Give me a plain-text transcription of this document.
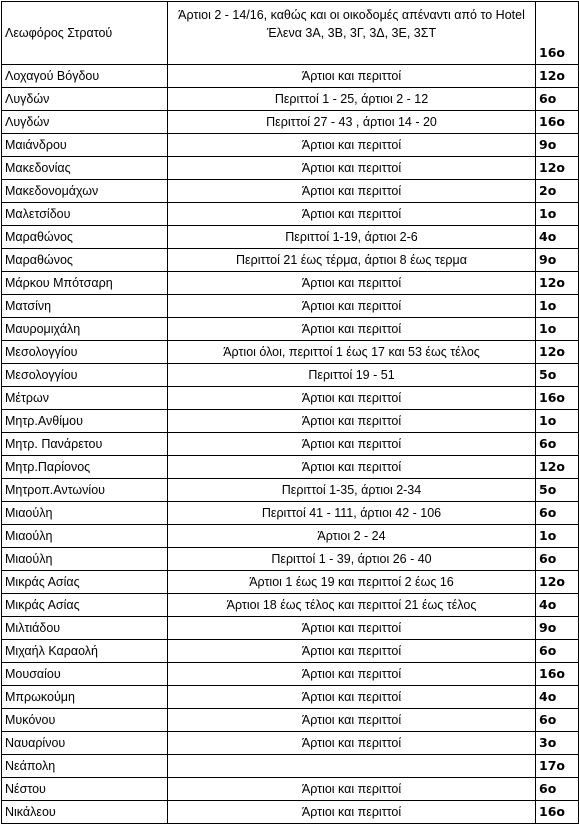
Λεωφόρος Στρατού	Άρτιοι 2 - 14/16, καθώς και οι οικοδομές απέναντι από το Hotel Έλενα 3Α, 3Β, 3Γ, 3Δ, 3Ε, 3ΣΤ	16ο
Λοχαγού Βόγδου	Άρτιοι και περιττοί	12ο
Λυγδών	Περιττοί 1 - 25, άρτιοι 2 - 12	6ο
Λυγδών	Περιττοί 27 - 43 , άρτιοι 14 - 20	16ο
Μαιάνδρου	Άρτιοι και περιττοί	9ο
Μακεδονίας	Άρτιοι και περιττοί	12ο
Μακεδονομάχων	Άρτιοι και περιττοί	2ο
Μαλετσίδου	Άρτιοι και περιττοί	1ο
Μαραθώνος	Περιττοί 1-19, άρτιοι 2-6	4ο
Μαραθώνος	Περιττοί 21 έως τέρμα, άρτιοι 8 έως τερμα	9ο
Μάρκου Μπότσαρη	Άρτιοι και περιττοί	12ο
Ματσίνη	Άρτιοι και περιττοί	1ο
Μαυρομιχάλη	Άρτιοι και περιττοί	1ο
Μεσολογγίου	Άρτιοι όλοι, περιττοί 1 έως 17 και 53 έως τέλος	12ο
Μεσολογγίου	Περιττοί 19 - 51	5ο
Μέτρων	Άρτιοι και περιττοί	16ο
Μητρ.Ανθίμου	Άρτιοι και περιττοί	1ο
Μητρ. Πανάρετου	Άρτιοι και περιττοί	6ο
Μητρ.Παρίονος	Άρτιοι και περιττοί	12ο
Μητροπ.Αντωνίου	Περιττοί 1-35, άρτιοι 2-34	5ο
Μιαούλη	Περιττοί 41 - 111, άρτιοι 42 - 106	6ο
Μιαούλη	Άρτιοι 2 - 24	1ο
Μιαούλη	Περιττοί 1 - 39, άρτιοι 26 - 40	6ο
Μικράς Ασίας	Άρτιοι 1 έως 19 και περιττοί 2 έως 16	12ο
Μικράς Ασίας	Άρτιοι 18 έως τέλος και περιττοί 21 έως τέλος	4ο
Μιλτιάδου	Άρτιοι και περιττοί	9ο
Μιχαήλ Καραολή	Άρτιοι και περιττοί	6ο
Μουσαίου	Άρτιοι και περιττοί	16ο
Μπρωκούμη	Άρτιοι και περιττοί	4ο
Μυκόνου	Άρτιοι και περιττοί	6ο
Ναυαρίνου	Άρτιοι και περιττοί	3ο
Νεάπολη		17ο
Νέστου	Άρτιοι και περιττοί	6ο
Νικάλεου	Άρτιοι και περιττοί	16ο
